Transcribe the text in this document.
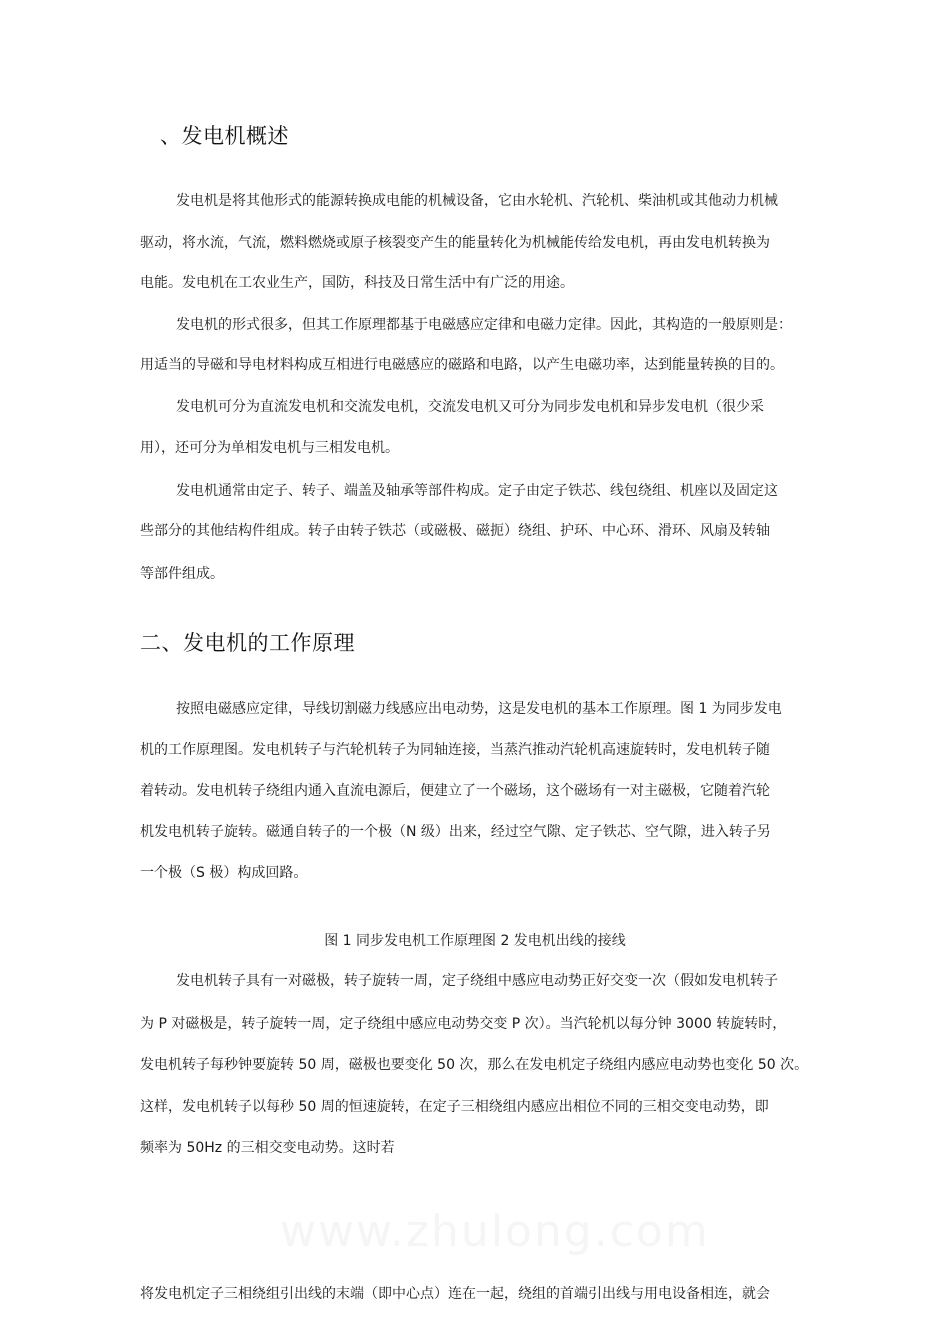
、发电机概述
发电机是将其他形式的能源转换成电能的机械设备，它由水轮机、汽轮机、柴油机或其他动力机械
驱动，将水流，气流，燃料燃烧或原子核裂变产生的能量转化为机械能传给发电机，再由发电机转换为
电能。发电机在工农业生产，国防，科技及日常生活中有广泛的用途。
发电机的形式很多，但其工作原理都基于电磁感应定律和电磁力定律。因此，其构造的一般原则是：
用适当的导磁和导电材料构成互相进行电磁感应的磁路和电路，以产生电磁功率，达到能量转换的目的。
发电机可分为直流发电机和交流发电机，交流发电机又可分为同步发电机和异步发电机（很少采
用），还可分为单相发电机与三相发电机。
发电机通常由定子、转子、端盖及轴承等部件构成。定子由定子铁芯、线包绕组、机座以及固定这
些部分的其他结构件组成。转子由转子铁芯（或磁极、磁扼）绕组、护环、中心环、滑环、风扇及转轴
等部件组成。
二、发电机的工作原理
按照电磁感应定律，导线切割磁力线感应出电动势，这是发电机的基本工作原理。图 1 为同步发电
机的工作原理图。发电机转子与汽轮机转子为同轴连接，当蒸汽推动汽轮机高速旋转时，发电机转子随
着转动。发电机转子绕组内通入直流电源后，便建立了一个磁场，这个磁场有一对主磁极，它随着汽轮
机发电机转子旋转。磁通自转子的一个极（N 级）出来，经过空气隙、定子铁芯、空气隙，进入转子另
一个极（S 极）构成回路。
图 1 同步发电机工作原理图 2 发电机出线的接线
发电机转子具有一对磁极，转子旋转一周，定子绕组中感应电动势正好交变一次（假如发电机转子
为 P 对磁极是，转子旋转一周，定子绕组中感应电动势交变 P 次）。当汽轮机以每分钟 3000 转旋转时，
发电机转子每秒钟要旋转 50 周，磁极也要变化 50 次，那么在发电机定子绕组内感应电动势也变化 50 次。
这样，发电机转子以每秒 50 周的恒速旋转，在定子三相绕组内感应出相位不同的三相交变电动势，即
频率为 50Hz 的三相交变电动势。这时若
www.zhulong.com
将发电机定子三相绕组引出线的末端（即中心点）连在一起，绕组的首端引出线与用电设备相连，就会
